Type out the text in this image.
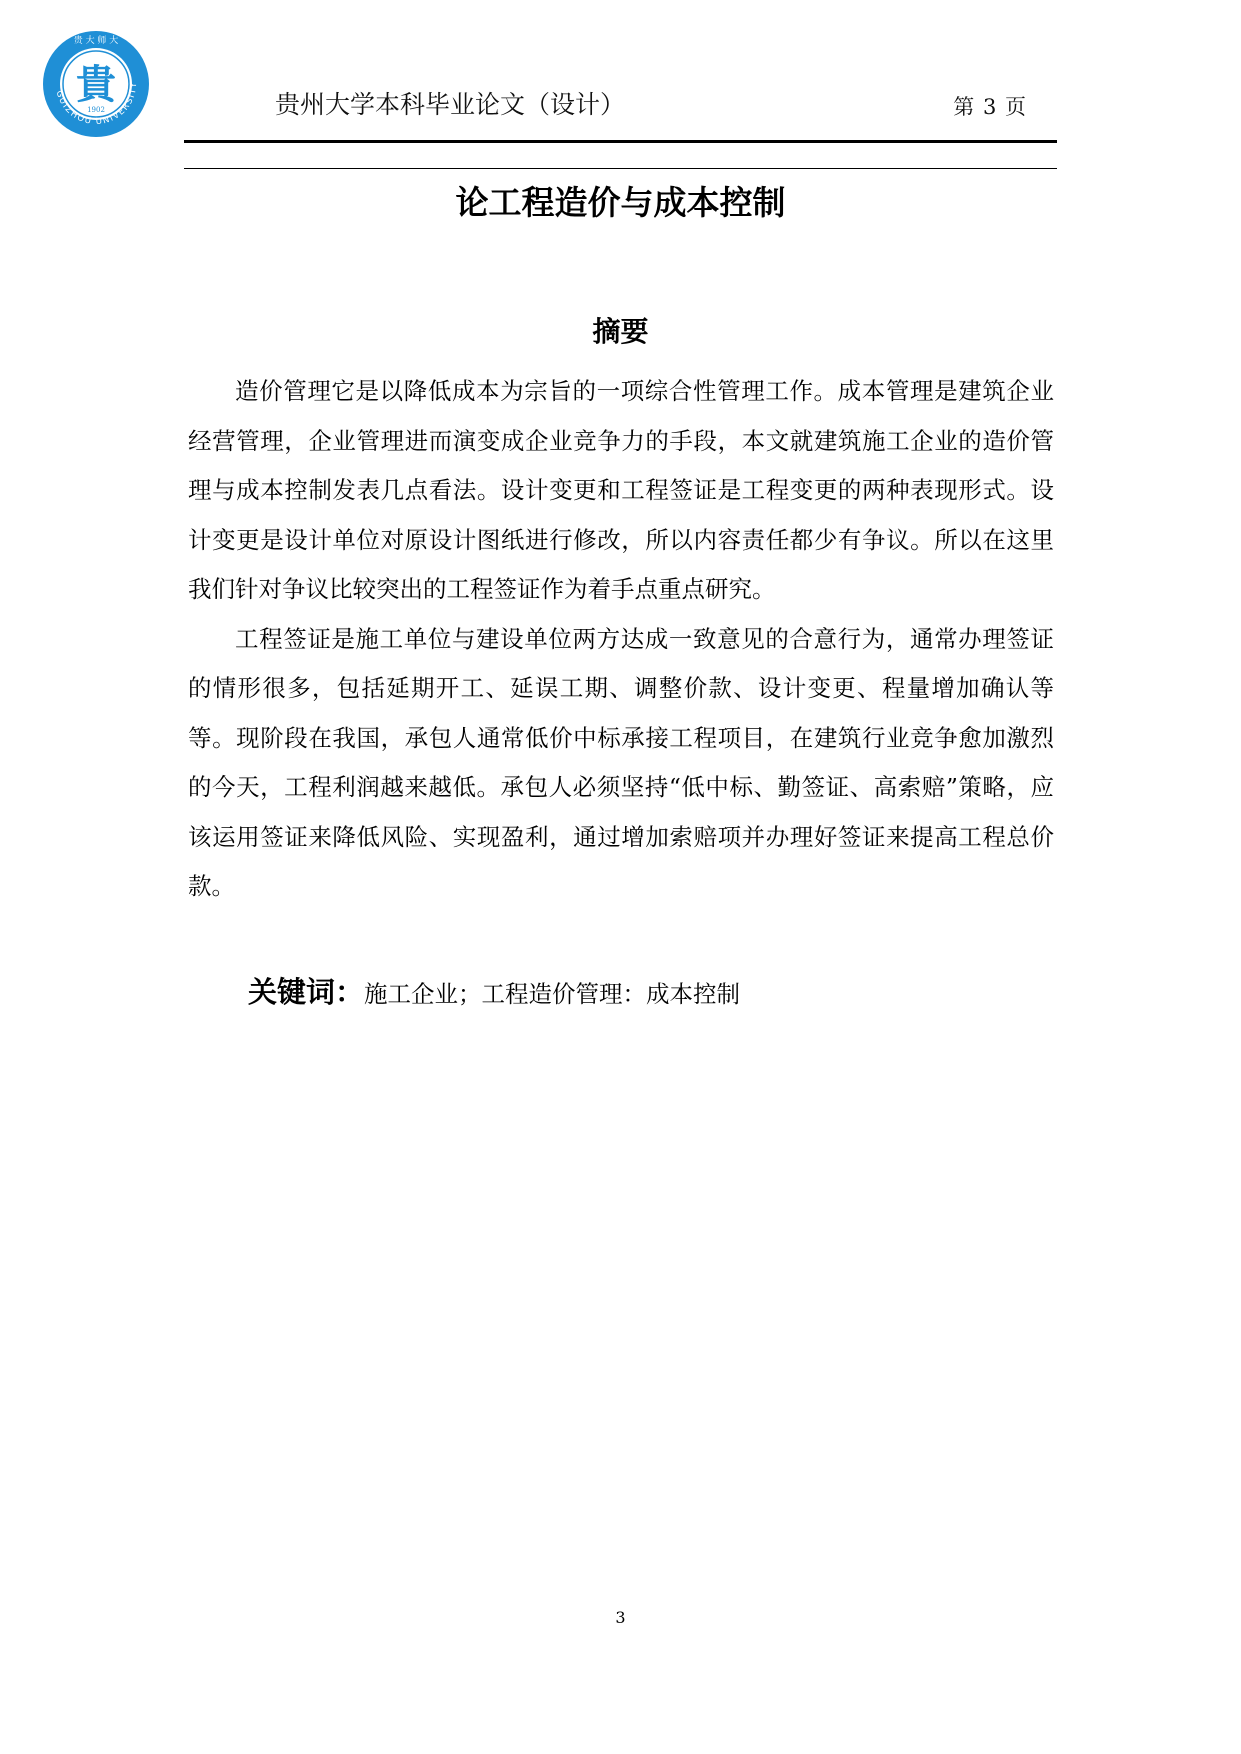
GUIZHOU UNIVERSITY
贵 大 师 大
貴
1902	贵州大学本科毕业论文（设计）	第 3 页
论工程造价与成本控制
摘要

造价管理它是以降低成本为宗旨的一项综合性管理工作。成本管理是建筑企业经营管理，企业管理进而演变成企业竞争力的手段，本文就建筑施工企业的造价管理与成本控制发表几点看法。设计变更和工程签证是工程变更的两种表现形式。设计变更是设计单位对原设计图纸进行修改，所以内容责任都少有争议。所以在这里我们针对争议比较突出的工程签证作为着手点重点研究。

工程签证是施工单位与建设单位两方达成一致意见的合意行为，通常办理签证的情形很多，包括延期开工、延误工期、调整价款、设计变更、程量增加确认等等。现阶段在我国，承包人通常低价中标承接工程项目，在建筑行业竞争愈加激烈的今天，工程利润越来越低。承包人必须坚持“低中标、勤签证、高索赔”策略，应该运用签证来降低风险、实现盈利，通过增加索赔项并办理好签证来提高工程总价款。

关键词：施工企业；工程造价管理：成本控制
3
